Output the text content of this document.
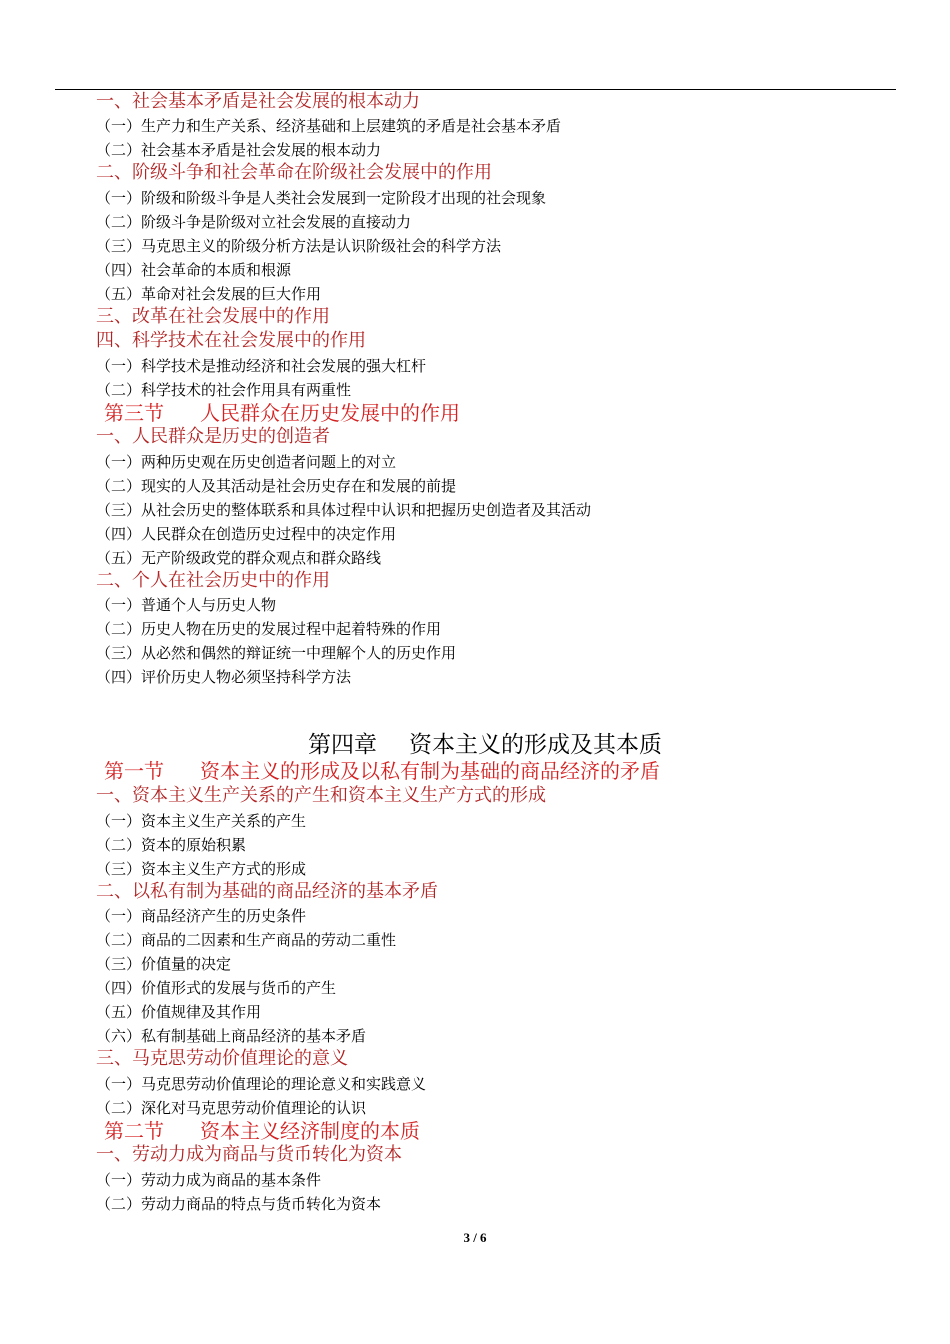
一、社会基本矛盾是社会发展的根本动力
（一）生产力和生产关系、经济基础和上层建筑的矛盾是社会基本矛盾
（二）社会基本矛盾是社会发展的根本动力
二、阶级斗争和社会革命在阶级社会发展中的作用
（一）阶级和阶级斗争是人类社会发展到一定阶段才出现的社会现象
（二）阶级斗争是阶级对立社会发展的直接动力
（三）马克思主义的阶级分析方法是认识阶级社会的科学方法
（四）社会革命的本质和根源
（五）革命对社会发展的巨大作用
三、改革在社会发展中的作用
四、科学技术在社会发展中的作用
（一）科学技术是推动经济和社会发展的强大杠杆
（二）科学技术的社会作用具有两重性
第三节 人民群众在历史发展中的作用
一、人民群众是历史的创造者
（一）两种历史观在历史创造者问题上的对立
（二）现实的人及其活动是社会历史存在和发展的前提
（三）从社会历史的整体联系和具体过程中认识和把握历史创造者及其活动
（四）人民群众在创造历史过程中的决定作用
（五）无产阶级政党的群众观点和群众路线
二、个人在社会历史中的作用
（一）普通个人与历史人物
（二）历史人物在历史的发展过程中起着特殊的作用
（三）从必然和偶然的辩证统一中理解个人的历史作用
（四）评价历史人物必须坚持科学方法
第四章 资本主义的形成及其本质
第一节 资本主义的形成及以私有制为基础的商品经济的矛盾
一、资本主义生产关系的产生和资本主义生产方式的形成
（一）资本主义生产关系的产生
（二）资本的原始积累
（三）资本主义生产方式的形成
二、以私有制为基础的商品经济的基本矛盾
（一）商品经济产生的历史条件
（二）商品的二因素和生产商品的劳动二重性
（三）价值量的决定
（四）价值形式的发展与货币的产生
（五）价值规律及其作用
（六）私有制基础上商品经济的基本矛盾
三、马克思劳动价值理论的意义
（一）马克思劳动价值理论的理论意义和实践意义
（二）深化对马克思劳动价值理论的认识
第二节 资本主义经济制度的本质
一、劳动力成为商品与货币转化为资本
（一）劳动力成为商品的基本条件
（二）劳动力商品的特点与货币转化为资本
3 / 6
